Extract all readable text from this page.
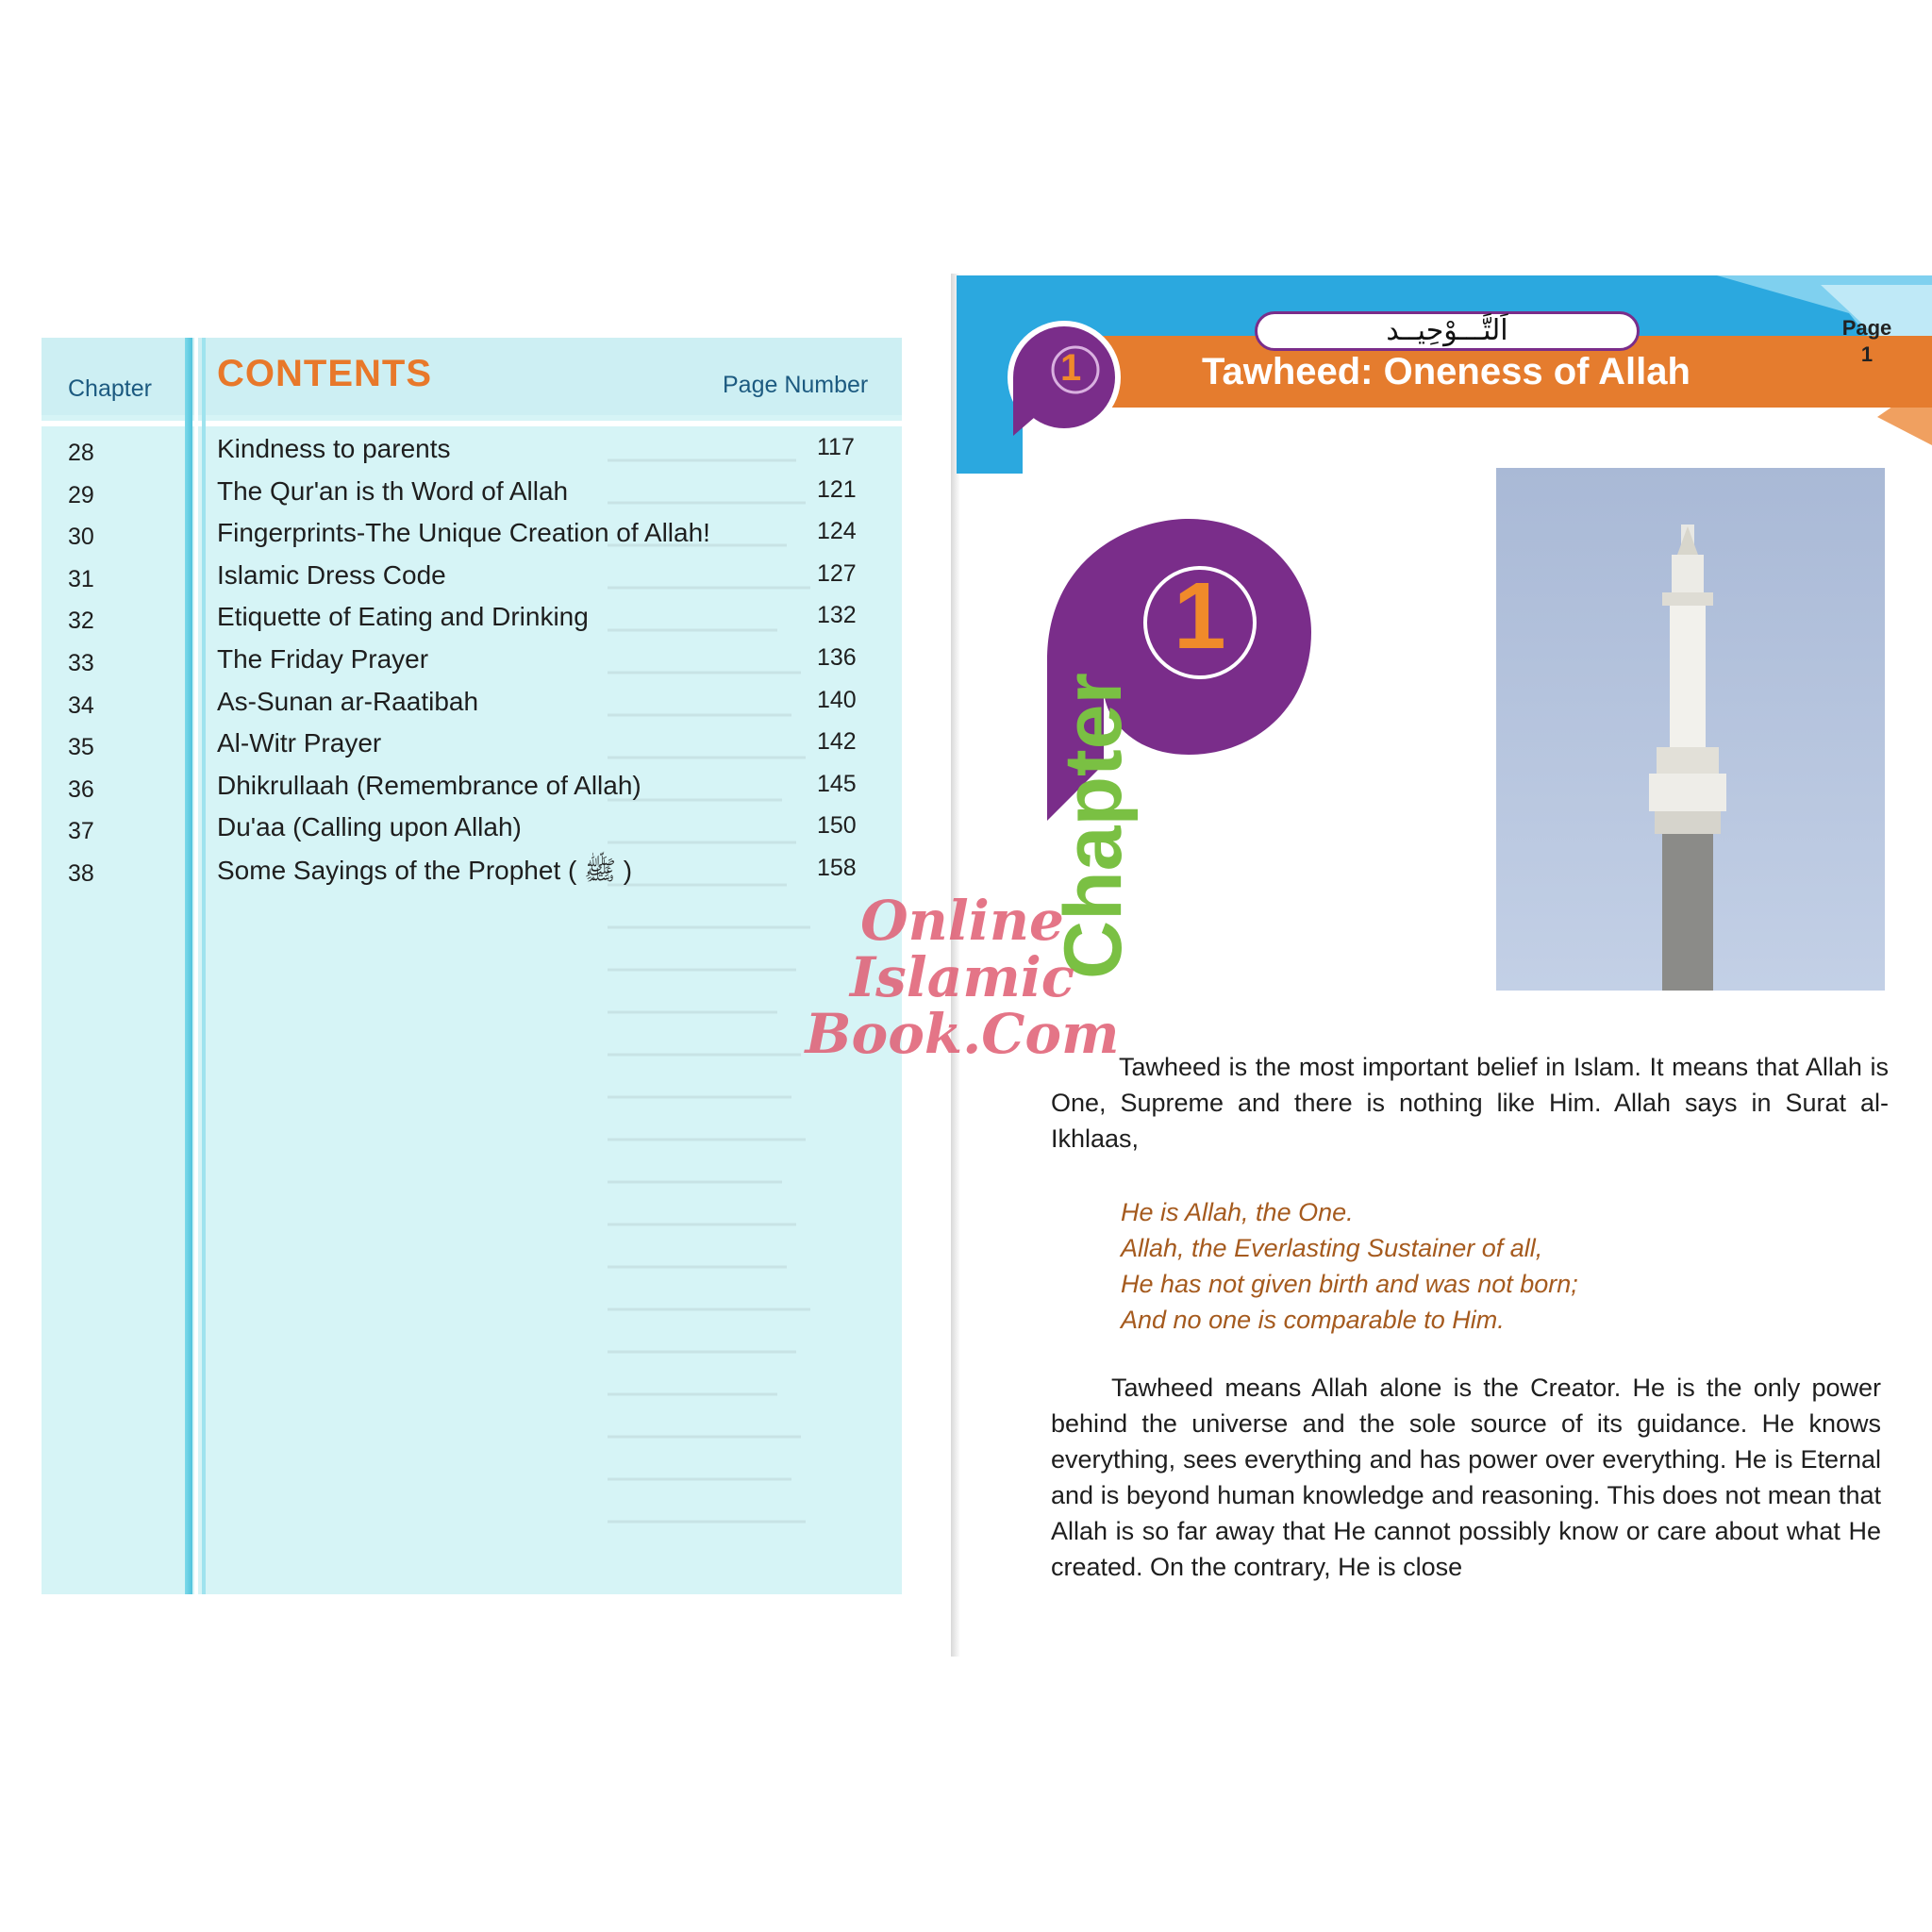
Chapter CONTENTS	Page Number
28	Kindness to parents	117
29	The Qur'an is th Word of Allah	121
30	Fingerprints-The Unique Creation of Allah!	124
31	Islamic Dress Code	127
32	Etiquette of Eating and Drinking	132
33	The Friday Prayer	136
34	As-Sunan ar-Raatibah	140
35	Al-Witr Prayer	142
36	Dhikrullaah (Remembrance of Allah)	145
37	Du'aa (Calling upon Allah)	150
38	Some Sayings of the Prophet ( ﷺ )	158
1
اَلتَّـــوْحِيــد
Tawheed: Oneness of Allah
Page
1
1
Chapter
Tawheed is the most important belief in Islam. It means that Allah is One, Supreme and there is nothing like Him. Allah says in Surat al-Ikhlaas,
He is Allah, the One.
Allah, the Everlasting Sustainer of all,
He has not given birth and was not born;
And no one is comparable to Him.
Tawheed means Allah alone is the Creator. He is the only power behind the universe and the sole source of its guidance. He knows everything, sees everything and has power over everything. He is Eternal and is beyond human knowledge and reasoning. This does not mean that Allah is so far away that He cannot possibly know or care about what He created. On the contrary, He is close
Online Islamic
Book.Com
